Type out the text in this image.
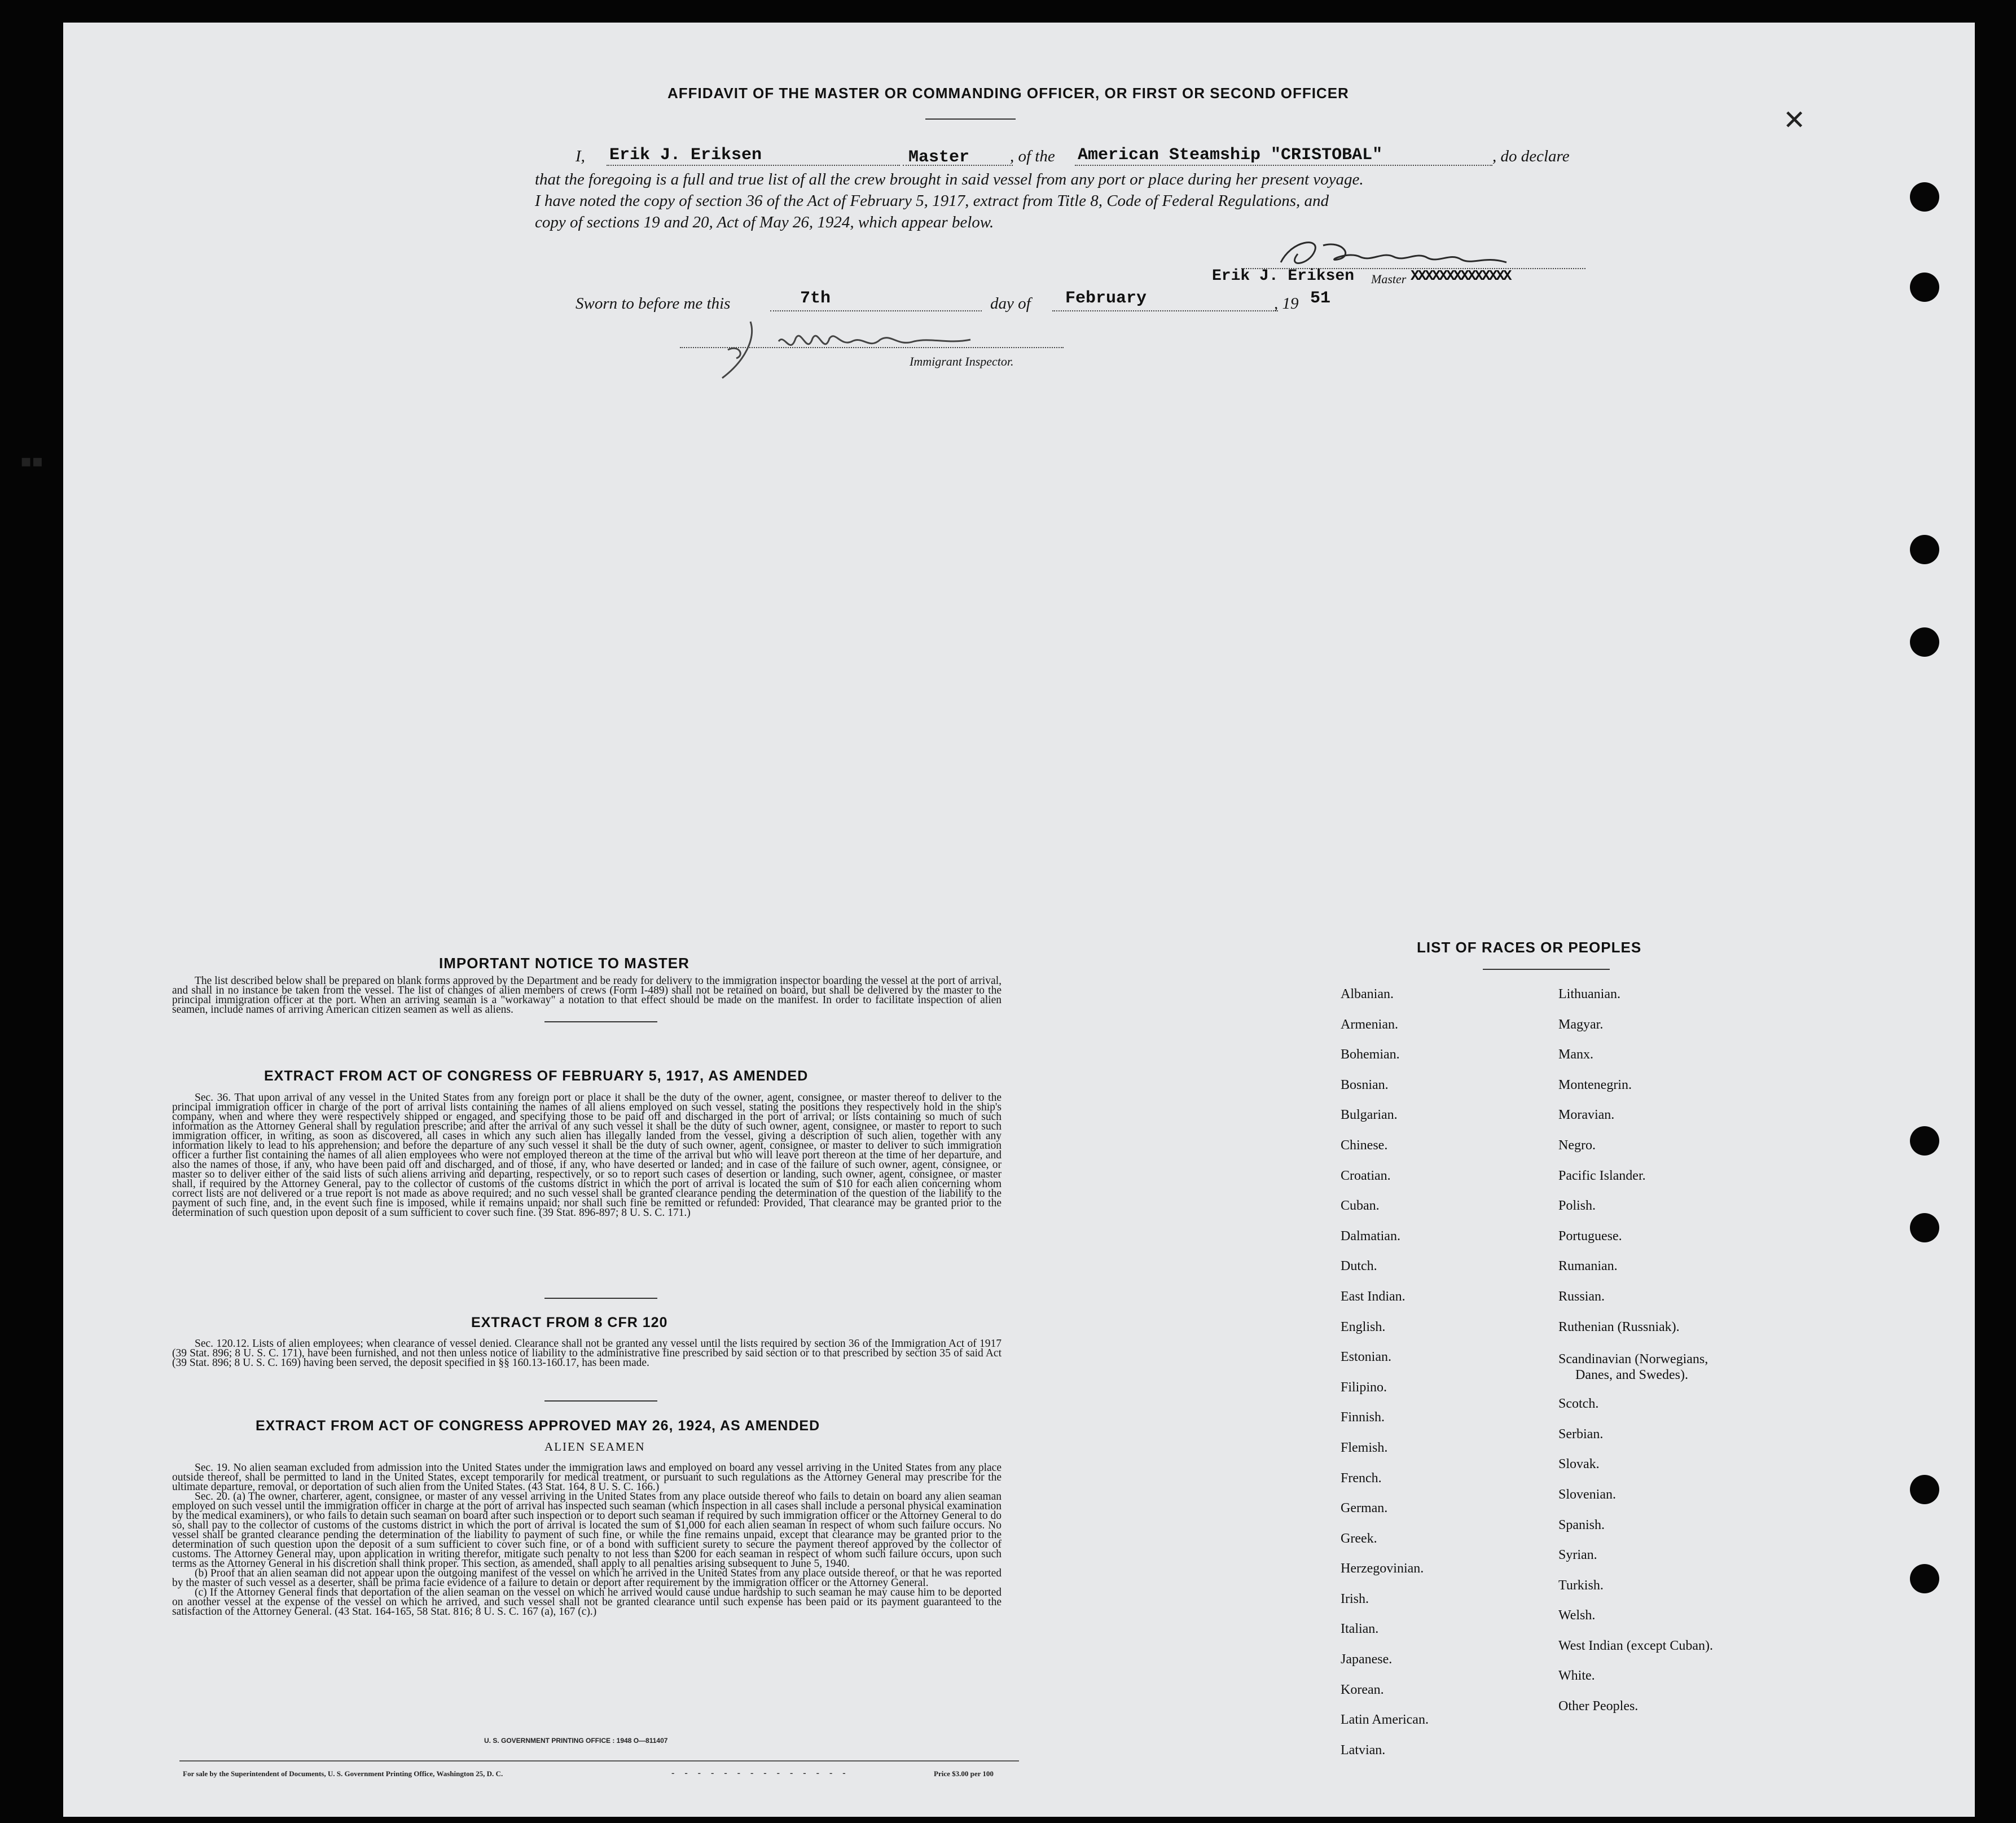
▪▪
✕
AFFIDAVIT OF THE MASTER OR COMMANDING OFFICER, OR FIRST OR SECOND OFFICER
I, Erik J. Eriksen	Master , of the American Steamship "CRISTOBAL"	, do declare
that the foregoing is a full and true list of all the crew brought in said vessel from any port or place during her present voyage.
I have noted the copy of section 36 of the Act of February 5, 1917, extract from Title 8, Code of Federal Regulations, and
copy of sections 19 and 20, Act of May 26, 1924, which appear below.
Erik J. Eriksen Master XXXXXXXXXXXXXX
Sworn to before me this	7th	day of February	, 19 51
Immigrant Inspector.
IMPORTANT NOTICE TO MASTER

The list described below shall be prepared on blank forms approved by the Department and be ready for delivery to the immigration inspector boarding the vessel at the port of arrival, and shall in no instance be taken from the vessel. The list of changes of alien members of crews (Form I-489) shall not be retained on board, but shall be delivered by the master to the principal immigration officer at the port. When an arriving seaman is a "workaway" a notation to that effect should be made on the manifest. In order to facilitate inspection of alien seamen, include names of arriving American citizen seamen as well as aliens.

EXTRACT FROM ACT OF CONGRESS OF FEBRUARY 5, 1917, AS AMENDED

Sec. 36. That upon arrival of any vessel in the United States from any foreign port or place it shall be the duty of the owner, agent, consignee, or master thereof to deliver to the principal immigration officer in charge of the port of arrival lists containing the names of all aliens employed on such vessel, stating the positions they respectively hold in the ship's company, when and where they were respectively shipped or engaged, and specifying those to be paid off and discharged in the port of arrival; or lists containing so much of such information as the Attorney General shall by regulation prescribe; and after the arrival of any such vessel it shall be the duty of such owner, agent, consignee, or master to report to such immigration officer, in writing, as soon as discovered, all cases in which any such alien has illegally landed from the vessel, giving a description of such alien, together with any information likely to lead to his apprehension; and before the departure of any such vessel it shall be the duty of such owner, agent, consignee, or master to deliver to such immigration officer a further list containing the names of all alien employees who were not employed thereon at the time of the arrival but who will leave port thereon at the time of her departure, and also the names of those, if any, who have been paid off and discharged, and of those, if any, who have deserted or landed; and in case of the failure of such owner, agent, consignee, or master so to deliver either of the said lists of such aliens arriving and departing, respectively, or so to report such cases of desertion or landing, such owner, agent, consignee, or master shall, if required by the Attorney General, pay to the collector of customs of the customs district in which the port of arrival is located the sum of $10 for each alien concerning whom correct lists are not delivered or a true report is not made as above required; and no such vessel shall be granted clearance pending the determination of the question of the liability to the payment of such fine, and, in the event such fine is imposed, while it remains unpaid; nor shall such fine be remitted or refunded: Provided, That clearance may be granted prior to the determination of such question upon deposit of a sum sufficient to cover such fine. (39 Stat. 896-897; 8 U. S. C. 171.)

EXTRACT FROM 8 CFR 120

Sec. 120.12. Lists of alien employees; when clearance of vessel denied. Clearance shall not be granted any vessel until the lists required by section 36 of the Immigration Act of 1917 (39 Stat. 896; 8 U. S. C. 171), have been furnished, and not then unless notice of liability to the administrative fine prescribed by said section or to that prescribed by section 35 of said Act (39 Stat. 896; 8 U. S. C. 169) having been served, the deposit specified in §§ 160.13-160.17, has been made.

EXTRACT FROM ACT OF CONGRESS APPROVED MAY 26, 1924, AS AMENDED
ALIEN SEAMEN

Sec. 19. No alien seaman excluded from admission into the United States under the immigration laws and employed on board any vessel arriving in the United States from any place outside thereof, shall be permitted to land in the United States, except temporarily for medical treatment, or pursuant to such regulations as the Attorney General may prescribe for the ultimate departure, removal, or deportation of such alien from the United States. (43 Stat. 164, 8 U. S. C. 166.)

Sec. 20. (a) The owner, charterer, agent, consignee, or master of any vessel arriving in the United States from any place outside thereof who fails to detain on board any alien seaman employed on such vessel until the immigration officer in charge at the port of arrival has inspected such seaman (which inspection in all cases shall include a personal physical examination by the medical examiners), or who fails to detain such seaman on board after such inspection or to deport such seaman if required by such immigration officer or the Attorney General to do so, shall pay to the collector of customs of the customs district in which the port of arrival is located the sum of $1,000 for each alien seaman in respect of whom such failure occurs. No vessel shall be granted clearance pending the determination of the liability to payment of such fine, or while the fine remains unpaid, except that clearance may be granted prior to the determination of such question upon the deposit of a sum sufficient to cover such fine, or of a bond with sufficient surety to secure the payment thereof approved by the collector of customs. The Attorney General may, upon application in writing therefor, mitigate such penalty to not less than $200 for each seaman in respect of whom such failure occurs, upon such terms as the Attorney General in his discretion shall think proper. This section, as amended, shall apply to all penalties arising subsequent to June 5, 1940.

(b) Proof that an alien seaman did not appear upon the outgoing manifest of the vessel on which he arrived in the United States from any place outside thereof, or that he was reported by the master of such vessel as a deserter, shall be prima facie evidence of a failure to detain or deport after requirement by the immigration officer or the Attorney General.

(c) If the Attorney General finds that deportation of the alien seaman on the vessel on which he arrived would cause undue hardship to such seaman he may cause him to be deported on another vessel at the expense of the vessel on which he arrived, and such vessel shall not be granted clearance until such expense has been paid or its payment guaranteed to the satisfaction of the Attorney General. (43 Stat. 164-165, 58 Stat. 816; 8 U. S. C. 167 (a), 167 (c).)

U. S. GOVERNMENT PRINTING OFFICE : 1948 O—811407
For sale by the Superintendent of Documents, U. S. Government Printing Office, Washington 25, D. C.	- - - - - - - - - - - - - -	Price $3.00 per 100
LIST OF RACES OR PEOPLES
Albanian.
Armenian.
Bohemian.
Bosnian.
Bulgarian.
Chinese.
Croatian.
Cuban.
Dalmatian.
Dutch.
East Indian.
English.
Estonian.
Filipino.
Finnish.
Flemish.
French.
German.
Greek.
Herzegovinian.
Irish.
Italian.
Japanese.
Korean.
Latin American.
Latvian.
Lithuanian.
Magyar.
Manx.
Montenegrin.
Moravian.
Negro.
Pacific Islander.
Polish.
Portuguese.
Rumanian.
Russian.
Ruthenian (Russniak).
Scandinavian (Norwegians,
Danes, and Swedes).
Scotch.
Serbian.
Slovak.
Slovenian.
Spanish.
Syrian.
Turkish.
Welsh.
West Indian (except Cuban).
White.
Other Peoples.
